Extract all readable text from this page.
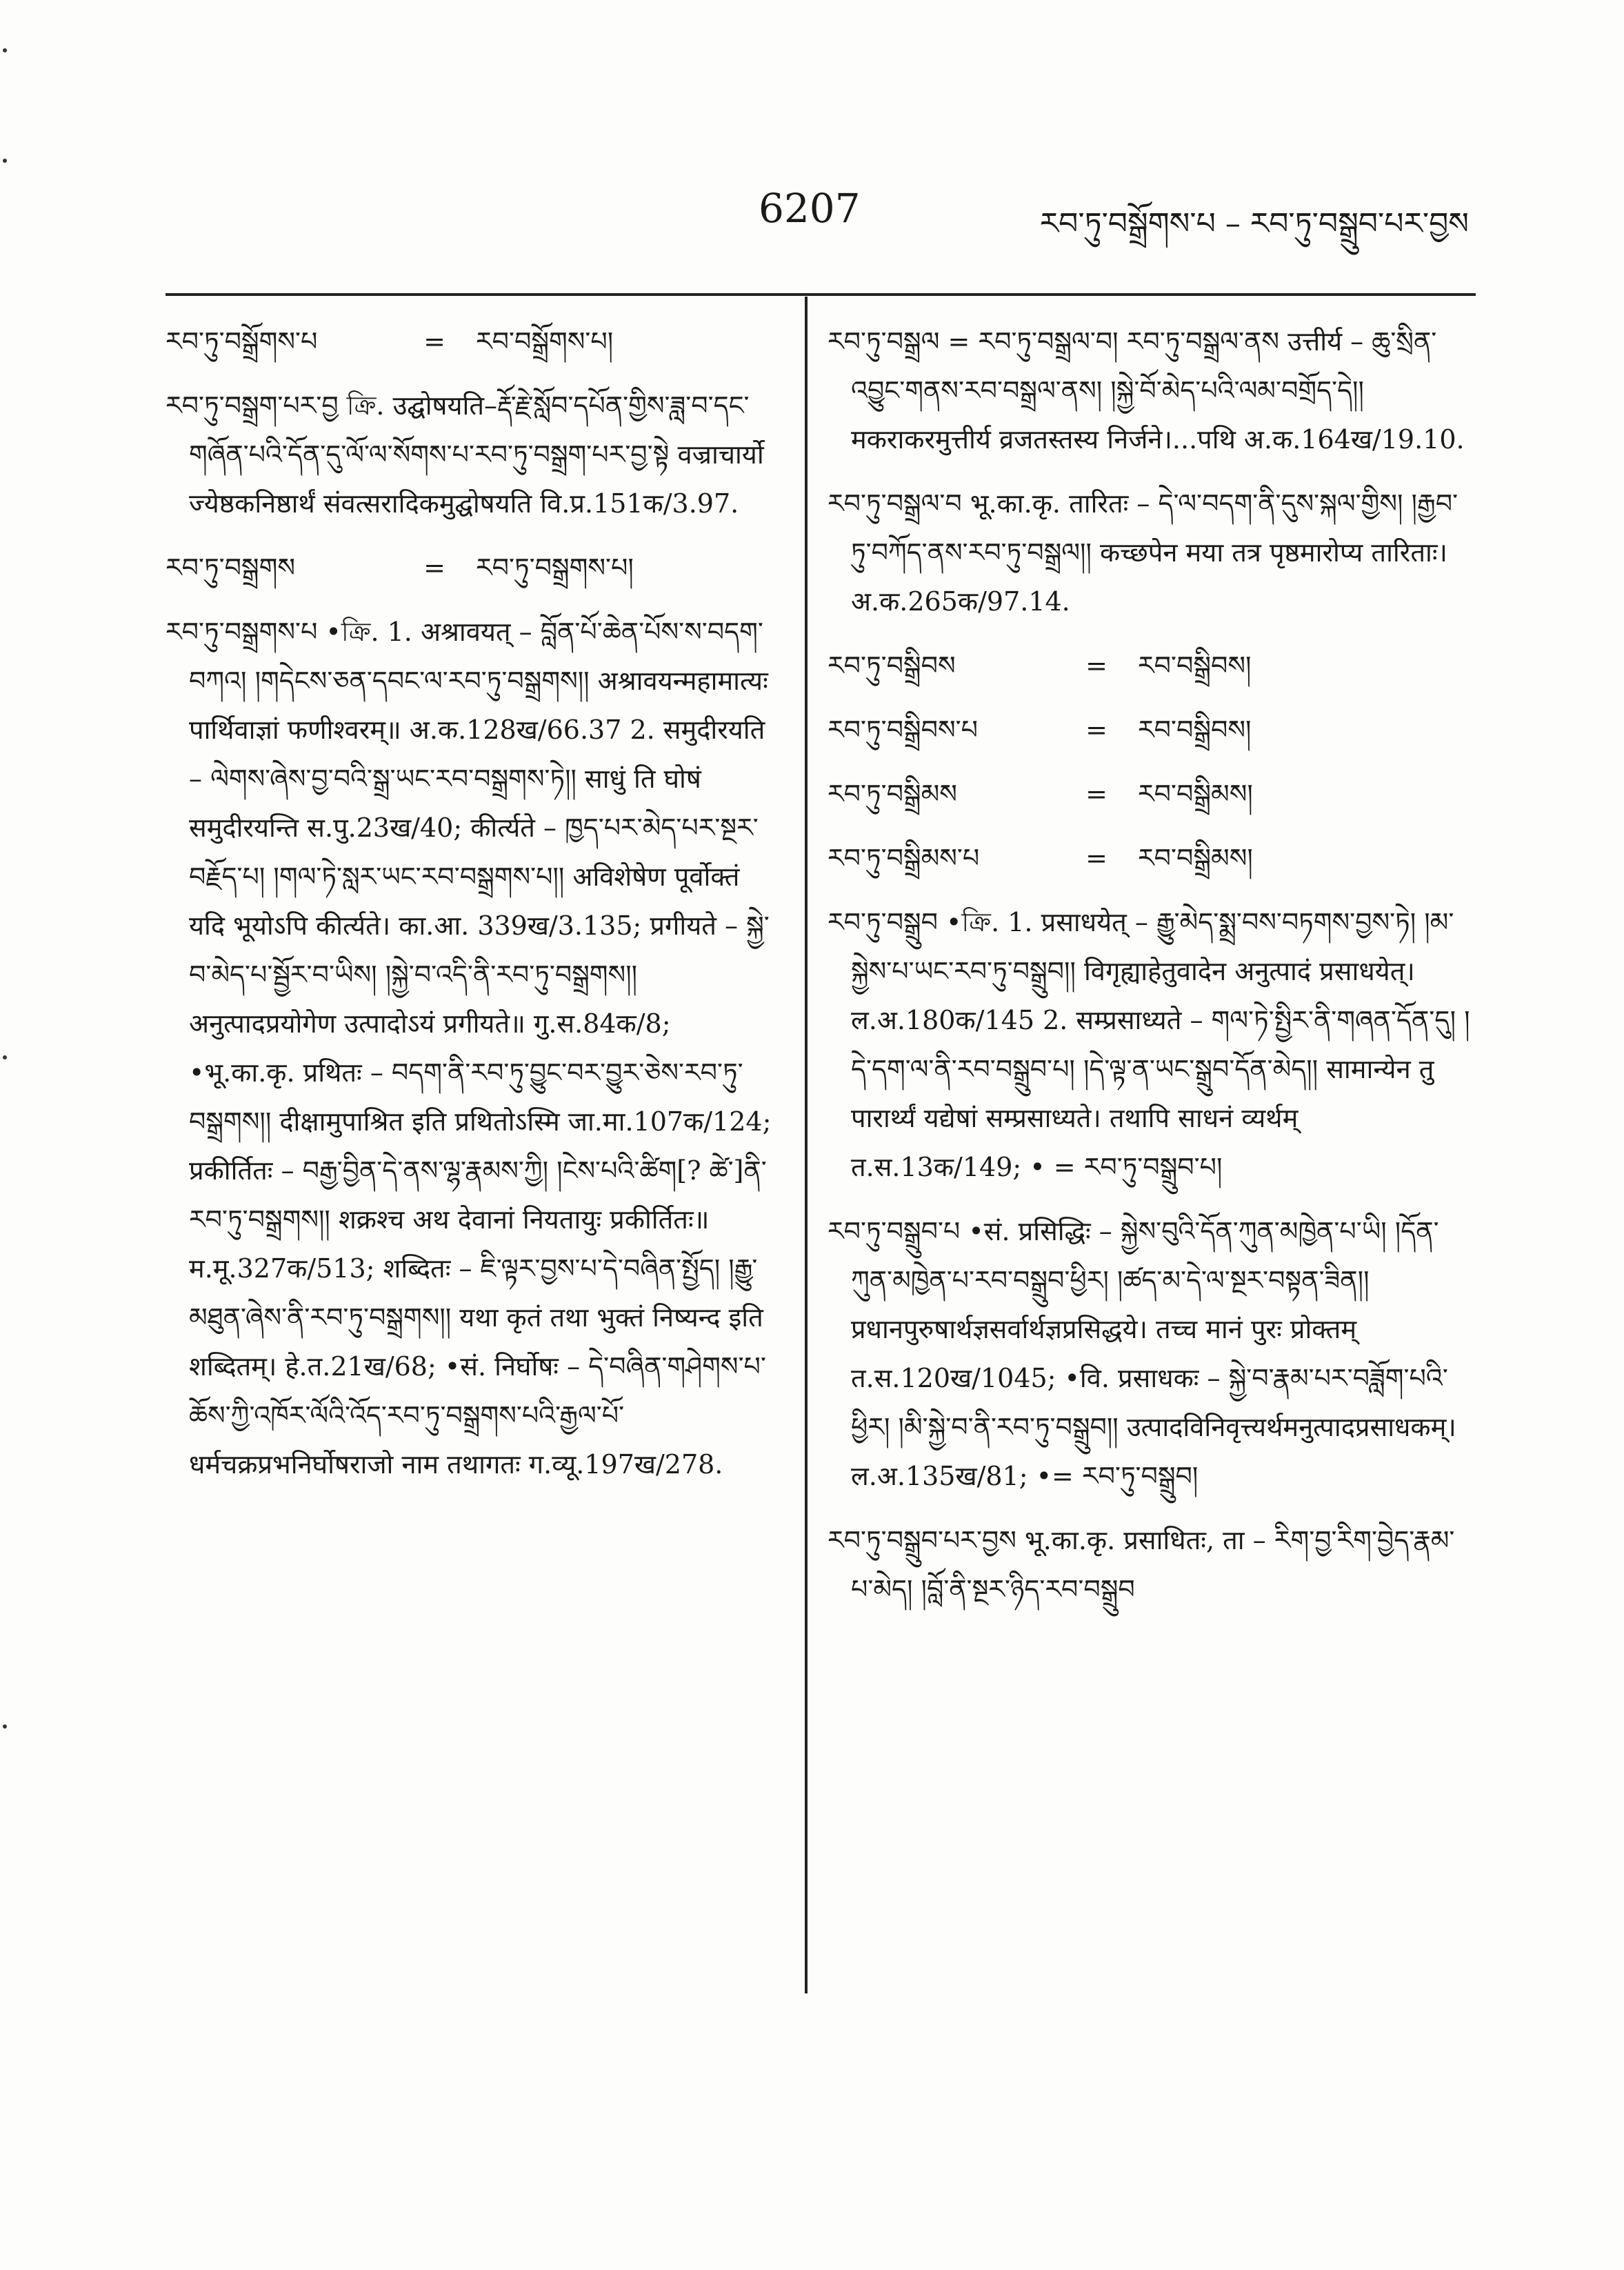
6207	རབ་ཏུ་བསྒྲོགས་པ – རབ་ཏུ་བསྒྲུབ་པར་བྱས
རབ་ཏུ་བསྒྲོགས་པ	=	རབ་བསྒྲོགས་པ།
རབ་ཏུ་བསྒྲག་པར་བྱ ক্রি. उद्घोषयति–རྡོ་རྗེ་སློབ་དཔོན་གྱིས་ཟླ་བ་དང་གཞོན་པའི་དོན་དུ་ལོ་ལ་སོགས་པ་རབ་ཏུ་བསྒྲག་པར་བྱ་སྟེ वज्राचार्यो ज्येष्ठकनिष्ठार्थं संवत्सरादिकमुद्घोषयति वि.प्र.151क/3.97.
རབ་ཏུ་བསྒྲགས	=	རབ་ཏུ་བསྒྲགས་པ།
རབ་ཏུ་བསྒྲགས་པ •ক্রি. 1. अश्रावयत् – བློན་པོ་ཆེན་པོས་ས་བདག་བཀའ། །གདེངས་ཅན་དབང་ལ་རབ་ཏུ་བསྒྲགས།། अश्रावयन्महामात्यः पार्थिवाज्ञां फणीश्वरम्॥ अ.क.128ख/66.37 2. समुदीरयति – ལེགས་ཞེས་བྱ་བའི་སྒྲ་ཡང་རབ་བསྒྲགས་ཏེ།། साधुं ति घोषं समुदीरयन्ति स.पु.23ख/40; कीर्त्यते – ཁྱད་པར་མེད་པར་སྔར་བརྗོད་པ། །གལ་ཏེ་སླར་ཡང་རབ་བསྒྲགས་པ།། अविशेषेण पूर्वोक्तं यदि भूयोऽपि कीर्त्यते। का.आ. 339ख/3.135; प्रगीयते – སྐྱེ་བ་མེད་པ་སྦྱོར་བ་ཡིས། །སྐྱེ་བ་འདི་ནི་རབ་ཏུ་བསྒྲགས།། अनुत्पादप्रयोगेण उत्पादोऽयं प्रगीयते॥ गु.स.84क/8; •भू.का.कृ. प्रथितः – བདག་ནི་རབ་ཏུ་བྱུང་བར་བྱུར་ཅེས་རབ་ཏུ་བསྒྲགས།། दीक्षामुपाश्रित इति प्रथितोऽस्मि जा.मा.107क/124; प्रकीर्तितः – བརྒྱ་བྱིན་དེ་ནས་ལྷ་རྣམས་ཀྱི། །ངེས་པའི་ཚིག[? ཚེ་]ནི་རབ་ཏུ་བསྒྲགས།། शक्रश्च अथ देवानां नियतायुः प्रकीर्तितः॥ म.मू.327क/513; शब्दितः – ཇི་ལྟར་བྱས་པ་དེ་བཞིན་སྤྱོད། །རྒྱུ་མཐུན་ཞེས་ནི་རབ་ཏུ་བསྒྲགས།། यथा कृतं तथा भुक्तं निष्यन्द इति शब्दितम्। हे.त.21ख/68; •सं. निर्घोषः – དེ་བཞིན་གཤེགས་པ་ཆོས་ཀྱི་འཁོར་ལོའི་འོད་རབ་ཏུ་བསྒྲགས་པའི་རྒྱལ་པོ་ धर्मचक्रप्रभनिर्घोषराजो नाम तथागतः ग.व्यू.197ख/278.
རབ་ཏུ་བསྒྲལ = རབ་ཏུ་བསྒྲལ་བ། རབ་ཏུ་བསྒྲལ་ནས उत्तीर्य – ཆུ་སྲིན་འབྱུང་གནས་རབ་བསྒྲལ་ནས། །སྐྱེ་བོ་མེད་པའི་ལམ་བགྲོད་དེ།། मकराकरमुत्तीर्य व्रजतस्तस्य निर्जने।...पथि अ.क.164ख/19.10.
རབ་ཏུ་བསྒྲལ་བ भू.का.कृ. तारितः – དེ་ལ་བདག་ནི་དུས་སྐལ་གྱིས། །རྒྱབ་ཏུ་བཀོད་ནས་རབ་ཏུ་བསྒྲལ།། कच्छपेन मया तत्र पृष्ठमारोप्य तारिताः। अ.क.265क/97.14.
རབ་ཏུ་བསྒྲིབས	=	རབ་བསྒྲིབས།
རབ་ཏུ་བསྒྲིབས་པ	=	རབ་བསྒྲིབས།
རབ་ཏུ་བསྒྲིམས	=	རབ་བསྒྲིམས།
རབ་ཏུ་བསྒྲིམས་པ	=	རབ་བསྒྲིམས།
རབ་ཏུ་བསྒྲུབ •ক্রি. 1. प्रसाधयेत् – རྒྱུ་མེད་སྨྲ་བས་བཏགས་བྱས་ཏེ། །མ་སྐྱེས་པ་ཡང་རབ་ཏུ་བསྒྲུབ།། विगृह्याहेतुवादेन अनुत्पादं प्रसाधयेत्। ल.अ.180क/145 2. सम्प्रसाध्यते – གལ་ཏེ་སྤྱིར་ནི་གཞན་དོན་དུ། །དེ་དག་ལ་ནི་རབ་བསྒྲུབ་པ། །དེ་ལྟ་ན་ཡང་སྒྲུབ་དོན་མེད།། सामान्येन तु पारार्थ्यं यद्येषां सम्प्रसाध्यते। तथापि साधनं व्यर्थम् त.स.13क/149; • = རབ་ཏུ་བསྒྲུབ་པ།
རབ་ཏུ་བསྒྲུབ་པ •सं. प्रसिद्धिः – སྐྱེས་བུའི་དོན་ཀུན་མཁྱེན་པ་ཡི། །དོན་ཀུན་མཁྱེན་པ་རབ་བསྒྲུབ་ཕྱིར། །ཚད་མ་དེ་ལ་སྔར་བསྟན་ཟིན།། प्रधानपुरुषार्थज्ञसर्वार्थज्ञप्रसिद्धये। तच्च मानं पुरः प्रोक्तम् त.स.120ख/1045; •वि. प्रसाधकः – སྐྱེ་བ་རྣམ་པར་བཟློག་པའི་ཕྱིར། །མི་སྐྱེ་བ་ནི་རབ་ཏུ་བསྒྲུབ།། उत्पादविनिवृत्त्यर्थमनुत्पादप्रसाधकम्। ल.अ.135ख/81; •= རབ་ཏུ་བསྒྲུབ།
རབ་ཏུ་བསྒྲུབ་པར་བྱས भू.का.कृ. प्रसाधितः, ता – རིག་བྱ་རིག་བྱེད་རྣམ་པ་མེད། །བློ་ནི་སྔར་ཉིད་རབ་བསྒྲུབ
